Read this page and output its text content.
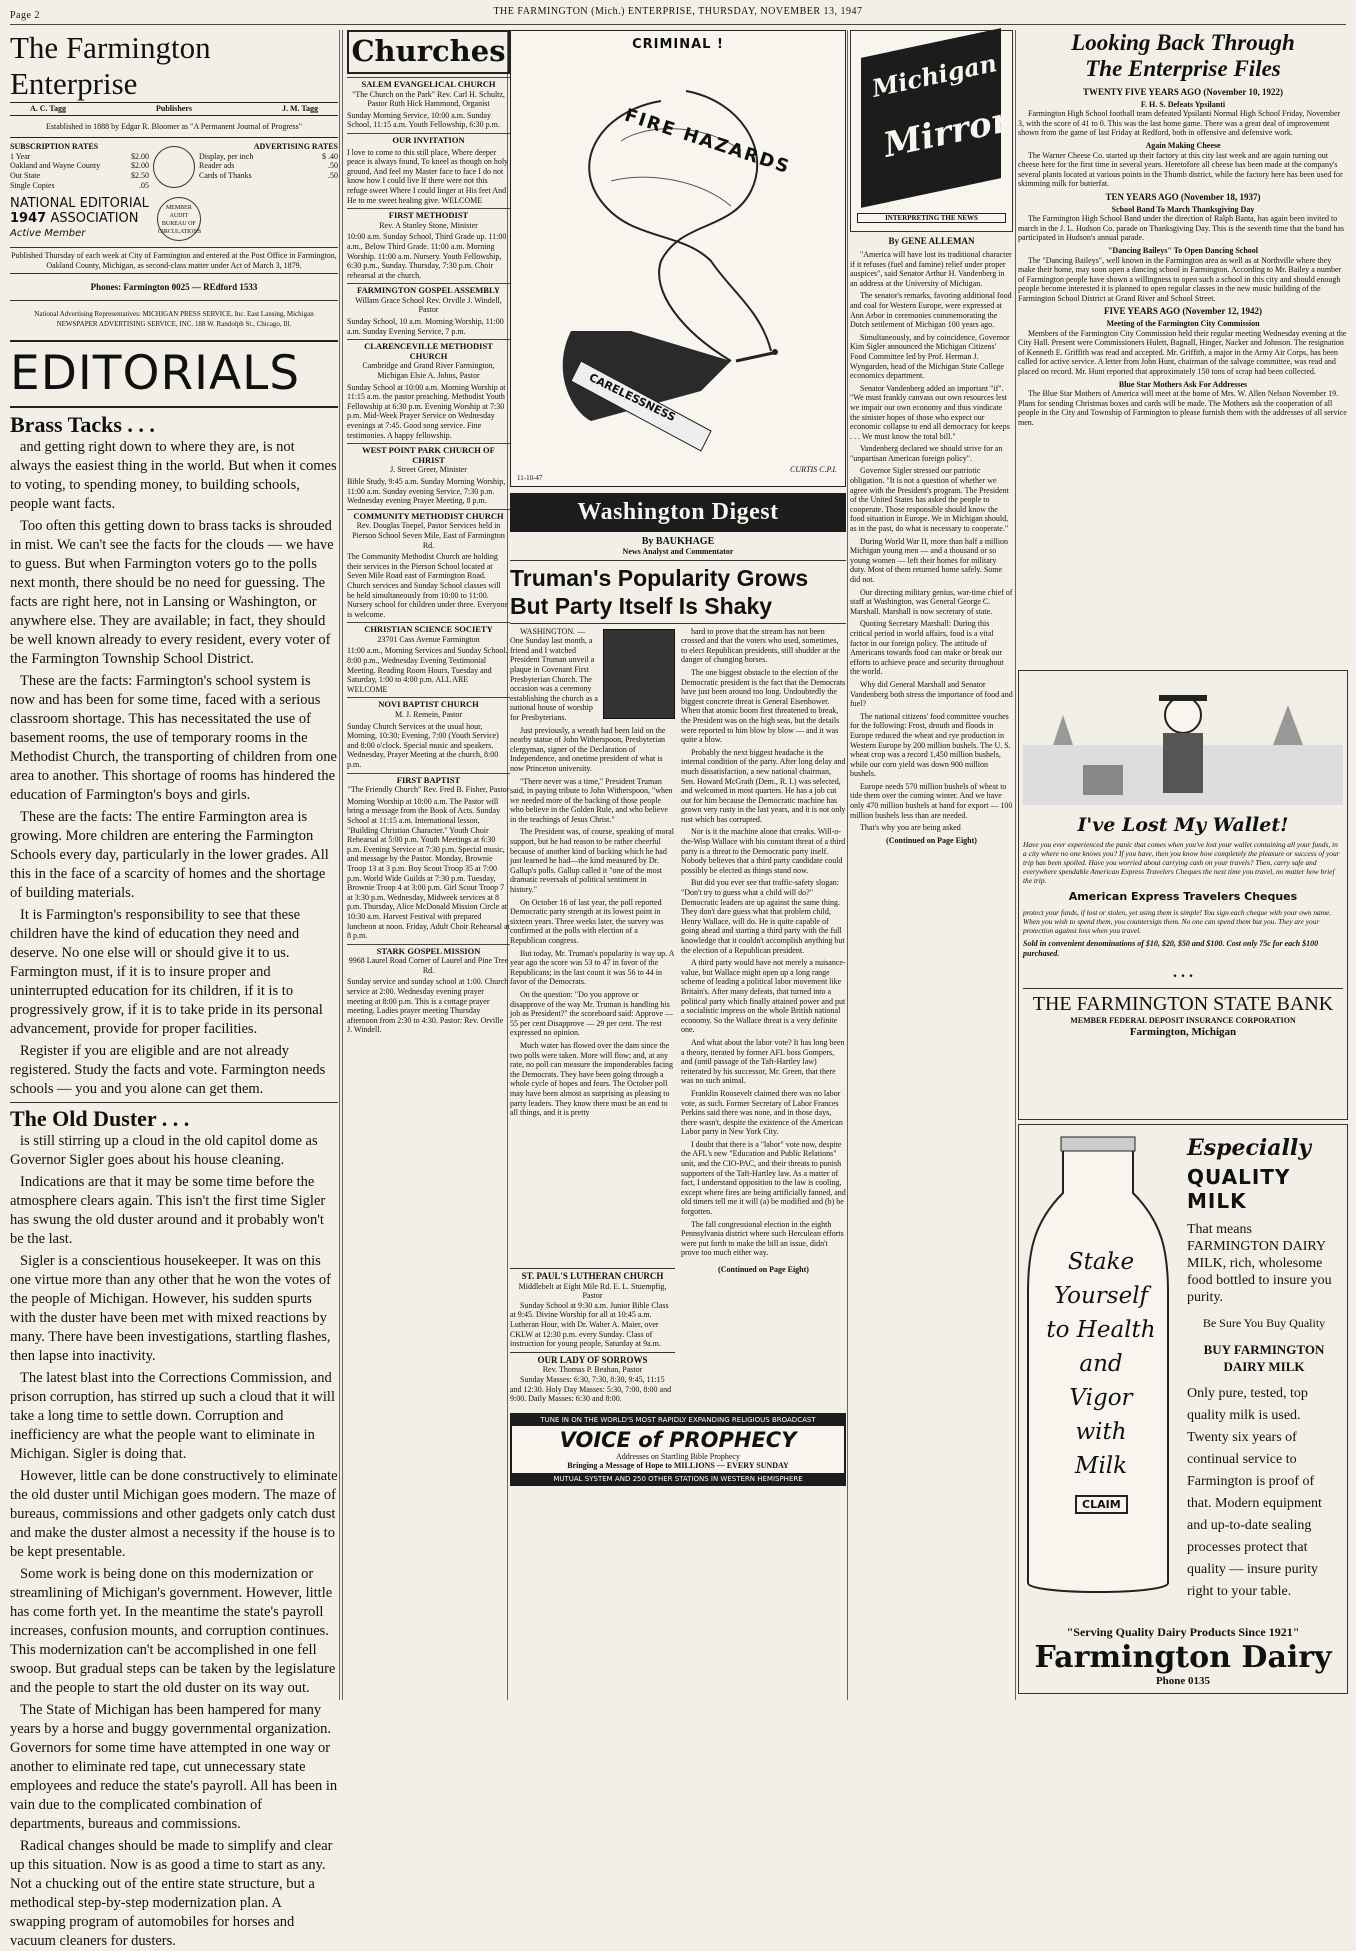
Page 2	THE FARMINGTON (Mich.) ENTERPRISE, THURSDAY, NOVEMBER 13, 1947
The Farmington Enterprise
A. C. Tagg	Publishers	J. M. Tagg
Established in 1888 by Edgar R. Bloomer as "A Permanent Journal of Progress"
SUBSCRIPTION RATES
1 Year	$2.00
Oakland and Wayne County	$2.00
Out State	$2.50
Single Copies	.05
ADVERTISING RATES
Display, per inch	$ .40
Reader ads	.50
Cards of Thanks	.50
NATIONAL EDITORIAL
1947 ASSOCIATION
Active Member
MEMBER AUDIT BUREAU OF CIRCULATIONS
Published Thursday of each week at City of Farmington and entered at the Post Office in Farmington, Oakland County, Michigan, as second-class matter under Act of March 3, 1879.
Phones: Farmington 0025 — REdford 1533
National Advertising Representatives: MICHIGAN PRESS SERVICE, Inc. East Lansing, Michigan NEWSPAPER ADVERTISING SERVICE, INC. 188 W. Randolph St., Chicago, Ill.
EDITORIALS
Brass Tacks . . .

and getting right down to where they are, is not always the easiest thing in the world. But when it comes to voting, to spending money, to building schools, people want facts.

Too often this getting down to brass tacks is shrouded in mist. We can't see the facts for the clouds — we have to guess. But when Farmington voters go to the polls next month, there should be no need for guessing. The facts are right here, not in Lansing or Washington, or anywhere else. They are available; in fact, they should be well known already to every resident, every voter of the Farmington Township School District.

These are the facts: Farmington's school system is now and has been for some time, faced with a serious classroom shortage. This has necessitated the use of basement rooms, the use of temporary rooms in the Methodist Church, the transporting of children from one area to another. This shortage of rooms has hindered the education of Farmington's boys and girls.

These are the facts: The entire Farmington area is growing. More children are entering the Farmington Schools every day, particularly in the lower grades. All this in the face of a scarcity of homes and the shortage of building materials.

It is Farmington's responsibility to see that these children have the kind of education they need and deserve. No one else will or should give it to us. Farmington must, if it is to insure proper and uninterrupted education for its children, if it is to progressively grow, if it is to take pride in its personal advancement, provide for proper facilities.

Register if you are eligible and are not already registered. Study the facts and vote. Farmington needs schools — you and you alone can get them.

The Old Duster . . .

is still stirring up a cloud in the old capitol dome as Governor Sigler goes about his house cleaning.

Indications are that it may be some time before the atmosphere clears again. This isn't the first time Sigler has swung the old duster around and it probably won't be the last.

Sigler is a conscientious housekeeper. It was on this one virtue more than any other that he won the votes of the people of Michigan. However, his sudden spurts with the duster have been met with mixed reactions by many. There have been investigations, startling flashes, then lapse into inactivity.

The latest blast into the Corrections Commission, and prison corruption, has stirred up such a cloud that it will take a long time to settle down. Corruption and inefficiency are what the people want to eliminate in Michigan. Sigler is doing that.

However, little can be done constructively to eliminate the old duster until Michigan goes modern. The maze of bureaus, commissions and other gadgets only catch dust and make the duster almost a necessity if the house is to be kept presentable.

Some work is being done on this modernization or streamlining of Michigan's government. However, little has come forth yet. In the meantime the state's payroll increases, confusion mounts, and corruption continues. This modernization can't be accomplished in one fell swoop. But gradual steps can be taken by the legislature and the people to start the old duster on its way out.

The State of Michigan has been hampered for many years by a horse and buggy governmental organization. Governors for some time have attempted in one way or another to eliminate red tape, cut unnecessary state employees and reduce the state's payroll. All has been in vain due to the complicated combination of departments, bureaus and commissions.

Radical changes should be made to simplify and clear up this situation. Now is as good a time to start as any. Not a chucking out of the entire state structure, but a methodical step-by-step modernization plan. A swapping program of automobiles for horses and vacuum cleaners for dusters.

Churches
SALEM EVANGELICAL CHURCH
"The Church on the Park" Rev. Carl H. Schultz, Pastor Ruth Hick Hammond, Organist
Sunday Morning Service, 10:00 a.m. Sunday School, 11:15 a.m. Youth Fellowship, 6:30 p.m.
OUR INVITATION
I love to come to this still place, Where deeper peace is always found, To kneel as though on holy ground, And feel my Master face to face I do not know how I could live If there were not this refuge sweet Where I could linger at His feet And He to me sweet healing give. WELCOME
FIRST METHODIST
Rev. A Stanley Stone, Minister
10:00 a.m. Sunday School, Third Grade up. 11:00 a.m., Below Third Grade. 11:00 a.m. Morning Worship. 11:00 a.m. Nursery. Youth Fellowship, 6:30 p.m., Sunday. Thursday, 7:30 p.m. Choir rehearsal at the church.
FARMINGTON GOSPEL ASSEMBLY
Willam Grace School Rev. Orville J. Windell, Pastor
Sunday School, 10 a.m. Morning Worship, 11:00 a.m. Sunday Evening Service, 7 p.m.
CLARENCEVILLE METHODIST CHURCH
Cambridge and Grand River Farmington, Michigan Elsie A. Johns, Pastor
Sunday School at 10:00 a.m. Morning Worship at 11:15 a.m. the pastor preaching. Methodist Youth Fellowship at 6:30 p.m. Evening Worship at 7:30 p.m. Mid-Week Prayer Service on Wednesday evenings at 7:45. Good song service. Fine testimonies. A happy fellowship.
WEST POINT PARK CHURCH OF CHRIST
J. Street Greer, Minister
Bible Study, 9:45 a.m. Sunday Morning Worship, 11:00 a.m. Sunday evening Service, 7:30 p.m. Wednesday evening Prayer Meeting, 8 p.m.
COMMUNITY METHODIST CHURCH
Rev. Douglas Toepel, Pastor Services held in Pierson School Seven Mile, East of Farmington Rd.
The Community Methodist Church are holding their services in the Pierson School located at Seven Mile Road east of Farmington Road. Church services and Sunday School classes will be held simultaneously from 10:00 to 11:00. Nursery school for children under three. Everyone is welcome.
CHRISTIAN SCIENCE SOCIETY
23701 Cass Avenue Farmington
11:00 a.m., Morning Services and Sunday School. 8:00 p.m., Wednesday Evening Testimonial Meeting. Reading Room Hours, Tuesday and Saturday, 1:00 to 4:00 p.m. ALL ARE WELCOME
NOVI BAPTIST CHURCH
M. J. Remein, Pastor
Sunday Church Services at the usual hour, Morning, 10:30; Evening, 7:00 (Youth Service) and 8:00 o'clock. Special music and speakers. Wednesday, Prayer Meeting at the church, 8:00 p.m.
FIRST BAPTIST
"The Friendly Church" Rev. Fred B. Fisher, Pastor
Morning Worship at 10:00 a.m. The Pastor will bring a message from the Book of Acts. Sunday School at 11:15 a.m. International lesson, "Building Christian Character." Youth Choir Rehearsal at 5:00 p.m. Youth Meetings at 6:30 p.m. Evening Service at 7:30 p.m. Special music, and message by the Pastor. Monday, Brownie Troop 13 at 3 p.m. Boy Scout Troop 35 at 7:00 p.m. World Wide Guilds at 7:30 p.m. Tuesday, Brownie Troop 4 at 3:00 p.m. Girl Scout Troop 7 at 3:30 p.m. Wednesday, Midweek services at 8 p.m. Thursday, Alice McDonald Mission Circle at 10:30 a.m. Harvest Festival with prepared luncheon at noon. Friday, Adult Choir Rehearsal at 8 p.m.
STARK GOSPEL MISSION
9968 Laurel Road Corner of Laurel and Pine Tree Rd.
Sunday service and sunday school at 1:00. Church service at 2:00. Wednesday evening prayer meeting at 8:00 p.m. This is a cottage prayer meeting. Ladies prayer meeting Thursday afternoon from 2:30 to 4:30. Pastor: Rev. Orville J. Windell.
CRIMINAL !
FIRE HAZARDS
CARELESSNESS
CURTIS C.P.I.
11-10-47
Washington Digest
By BAUKHAGE
News Analyst and Commentator
Truman's Popularity Grows But Party Itself Is Shaky

WASHINGTON. — One Sunday last month, a friend and I watched President Truman unveil a plaque in Covenant First Presbyterian Church. The occasion was a ceremony establishing the church as a national house of worship for Presbyterians.

Just previously, a wreath had been laid on the nearby statue of John Witherspoon, Presbyterian clergyman, signer of the Declaration of Independence, and onetime president of what is now Princeton university.

"There never was a time," President Truman said, in paying tribute to John Witherspoon, "when we needed more of the backing of those people who believe in the Golden Rule, and who believe in the teachings of Jesus Christ."

The President was, of course, speaking of moral support, but he had reason to be rather cheerful because of another kind of backing which he had just learned he had—the kind measured by Dr. Gallup's polls. Gallup called it "one of the most dramatic reversals of political sentiment in history."

On October 16 of last year, the poll reported Democratic party strength at its lowest point in sixteen years. Three weeks later, the survey was confirmed at the polls with election of a Republican congress.

But today, Mr. Truman's popularity is way up. A year ago the score was 53 to 47 in favor of the Republicans; in the last count it was 56 to 44 in favor of the Democrats.

On the question: "Do you approve or disapprove of the way Mr. Truman is handling his job as President?" the scoreboard said: Approve — 55 per cent Disapprove — 29 per cent. The rest expressed no opinion.

Much water has flowed over the dam since the two polls were taken. More will flow; and, at any rate, no poll can measure the imponderables facing the Democrats. They have been going through a whole cycle of hopes and fears. The October poll may have been almost as surprising as pleasing to party leaders. They know there must be an end to all things, and it is pretty

hard to prove that the stream has not been crossed and that the voters who used, sometimes, to elect Republican presidents, still shudder at the danger of changing horses.

The one biggest obstacle to the election of the Democratic president is the fact that the Democrats have just been around too long. Undoubtedly the biggest concrete threat is General Eisenhower. When that atomic boom first threatened to break, the President was on the high seas, but the details were reported to him blow by blow — and it was quite a blow.

Probably the next biggest headache is the internal condition of the party. After long delay and much dissatisfaction, a new national chairman, Sen. Howard McGrath (Dem., R. I.) was selected, and welcomed in most quarters. He has a job cut out for him because the Democratic machine has grown very rusty in the last years, and it is not only rust which has corrupted.

Nor is it the machine alone that creaks. Will-o-the-Wisp Wallace with his constant threat of a third party is a threat to the Democratic party itself. Nobody believes that a third party candidate could possibly be elected as things stand now.

But did you ever see that traffic-safety slogan: "Don't try to guess what a child will do?" Democratic leaders are up against the same thing. They don't dare guess what that problem child, Henry Wallace, will do. He is quite capable of going ahead and starting a third party with the full knowledge that it couldn't accomplish anything but the election of a Republican president.

A third party would have not merely a nuisance-value, but Wallace might open up a long range scheme of leading a political labor movement like Britain's. After many defeats, that turned into a political party which finally attained power and put a socialistic impress on the whole British national economy. So the Wallace threat is a very definite one.

And what about the labor vote? It has long been a theory, iterated by former AFL boss Gompers, and (until passage of the Taft-Hartley law) reiterated by his successor, Mr. Green, that there was no such animal.

Franklin Roosevelt claimed there was no labor vote, as such. Former Secretary of Labor Frances Perkins said there was none, and in those days, there wasn't, despite the existence of the American Labor party in New York City.

I doubt that there is a "labor" vote now, despite the AFL's new "Education and Public Relations" unit, and the CIO-PAC, and their threats to punish supporters of the Taft-Hartley law. As a matter of fact, I understand opposition to the law is cooling, except where fires are being artificially fanned, and old timers tell me it will (a) be modified and (b) be forgotten.

The fall congressional election in the eighth Pennsylvania district where such Herculean efforts were put forth to make the bill an issue, didn't prove too much either way.

ST. PAUL'S LUTHERAN CHURCH
Middlebelt at Eight Mile Rd. E. L. Stuempfig, Pastor

Sunday School at 9:30 a.m. Junior Bible Class at 9:45. Divine Worship for all at 10:45 a.m. Lutheran Hour, with Dr. Walter A. Maier, over CKLW at 12:30 p.m. every Sunday. Class of instruction for young people, Saturday at 9a.m.

OUR LADY OF SORROWS
Rev. Thomas P. Beahan, Pastor

Sunday Masses: 6:30, 7:30, 8:30, 9:45, 11:15 and 12:30. Holy Day Masses: 5:30, 7:00, 8:00 and 9:00. Daily Masses: 6:30 and 8:00.

(Continued on Page Eight)
TUNE IN ON THE WORLD'S MOST RAPIDLY EXPANDING RELIGIOUS BROADCAST
VOICE of PROPHECY
Addresses on Startling Bible Prophecy
Bringing a Message of Hope to MILLIONS — EVERY SUNDAY
MUTUAL SYSTEM AND 250 OTHER STATIONS IN WESTERN HEMISPHERE
Michigan
Mirror
INTERPRETING THE NEWS
By GENE ALLEMAN

"America will have lost its traditional character if it refuses (fuel and famine) relief under proper auspices", said Senator Arthur H. Vandenberg in an address at the University of Michigan.

The senator's remarks, favoring additional food and coal for Western Europe, were expressed at Ann Arbor in ceremonies commemorating the Dutch settlement of Michigan 100 years ago.

Simultaneously, and by coincidence, Governor Kim Sigler announced the Michigan Citizens' Food Committee led by Prof. Herman J. Wyngarden, head of the Michigan State College economics department.

Senator Vandenberg added an important "if". "We must frankly canvass our own resources lest we impair our own economy and thus vindicate the sinister hopes of those who expect our economic collapse to end all democracy for keeps . . . We must know the total bill."

Vandenberg declared we should strive for an "unpartisan American foreign policy".

Governor Sigler stressed our patriotic obligation. "It is not a question of whether we agree with the President's program. The President of the United States has asked the people to cooperate. Those responsible should know the food situation in Europe. We in Michigan should, as in the past, do what is necessary to cooperate."

During World War II, more than half a million Michigan young men — and a thousand or so young women — left their homes for military duty. Most of them returned home safely. Some did not.

Our directing military genius, war-time chief of staff at Washington, was General George C. Marshall. Marshall is now secretary of state.

Quoting Secretary Marshall: During this critical period in world affairs, food is a vital factor in our foreign policy. The attitude of Americans towards food can make or break our efforts to achieve peace and security throughout the world.

Why did General Marshall and Senator Vandenberg both stress the importance of food and fuel?

The national citizens' food committee vouches for the following: Frost, drouth and floods in Europe reduced the wheat and rye production in Western Europe by 200 million bushels. The U. S. wheat crop was a record 1,450 million bushels, while our corn yield was down 900 million bushels.

Europe needs 570 million bushels of wheat to tide them over the coming winter. And we have only 470 million bushels at hand for export — 100 million bushels less than are needed.

That's why you are being asked

(Continued on Page Eight)
Looking Back Through
The Enterprise Files
TWENTY FIVE YEARS AGO (November 10, 1922)
F. H. S. Defeats Ypsilanti

Farmington High School football team defeated Ypsilanti Normal High School Friday, November 3, with the score of 41 to 0. This was the last home game. There was a great deal of improvement shown from the game of last Friday at Redford, both in offensive and defensive work.

Again Making Cheese

The Warner Cheese Co. started up their factory at this city last week and are again turning out cheese here for the first time in several years. Heretofore all cheese has been made at the company's several plants located at various points in the Thumb district, while the factory here has been used for skimming milk for butterfat.

TEN YEARS AGO (November 18, 1937)
School Band To March Thanksgiving Day

The Farmington High School Band under the direction of Ralph Banta, has again been invited to march in the J. L. Hudson Co. parade on Thanksgiving Day. This is the seventh time that the band has participated in Hudson's annual parade.

"Dancing Baileys" To Open Dancing School

The "Dancing Baileys", well known in the Farmington area as well as at Northville where they make their home, may soon open a dancing school in Farmington. According to Mr. Bailey a number of Farmington people have shown a willingness to open such a school in this city and should enough people become interested it is planned to open regular classes in the new music building of the Farmington School District at Grand River and School Street.

FIVE YEARS AGO (November 12, 1942)
Meeting of the Farmington City Commission

Members of the Farmington City Commission held their regular meeting Wednesday evening at the City Hall. Present were Commissioners Hulett, Bagnall, Hinger, Nacker and Johnson. The resignation of Kenneth E. Griffith was read and accepted. Mr. Griffith, a major in the Army Air Corps, has been called for active service. A letter from John Hunt, chairman of the salvage committee, was read and placed on record. Mr. Hunt reported that approximately 150 tons of scrap had been collected.

Blue Star Mothers Ask For Addresses

The Blue Star Mothers of America will meet at the home of Mrs. W. Allen Nelson November 19. Plans for sending Christmas boxes and cards will be made. The Mothers ask the cooperation of all people in the City and Township of Farmington to please furnish them with the addresses of all service men.

I've Lost My Wallet!
Have you ever experienced the panic that comes when you've lost your wallet containing all your funds, in a city where no one knows you? If you have, then you know how completely the pleasure or success of your trip has been spoiled. Have you worried about carrying cash on your travels? Then, carry safe and everywhere spendable American Express Travelers Cheques the next time you travel, no matter how brief the trip.
American Express Travelers Cheques
protect your funds, if lost or stolen, yet using them is simple! You sign each cheque with your own name. When you wish to spend them, you countersign them. No one can spend them but you. They are your protection against loss when you travel.
Sold in convenient denominations of $10, $20, $50 and $100. Cost only 75c for each $100 purchased.
. . .
THE FARMINGTON STATE BANK
MEMBER FEDERAL DEPOSIT INSURANCE CORPORATION
Farmington, Michigan
Stake
Yourself
to Health
and
Vigor
with
Milk
CLAIM
Especially
QUALITY MILK
That means FARMINGTON DAIRY MILK, rich, wholesome food bottled to insure you purity.
Be Sure You Buy Quality
BUY FARMINGTON DAIRY MILK
Only pure, tested, top quality milk is used. Twenty six years of continual service to Farmington is proof of that. Modern equipment and up-to-date sealing processes protect that quality — insure purity right to your table.
"Serving Quality Dairy Products Since 1921"
Farmington Dairy
Phone 0135
